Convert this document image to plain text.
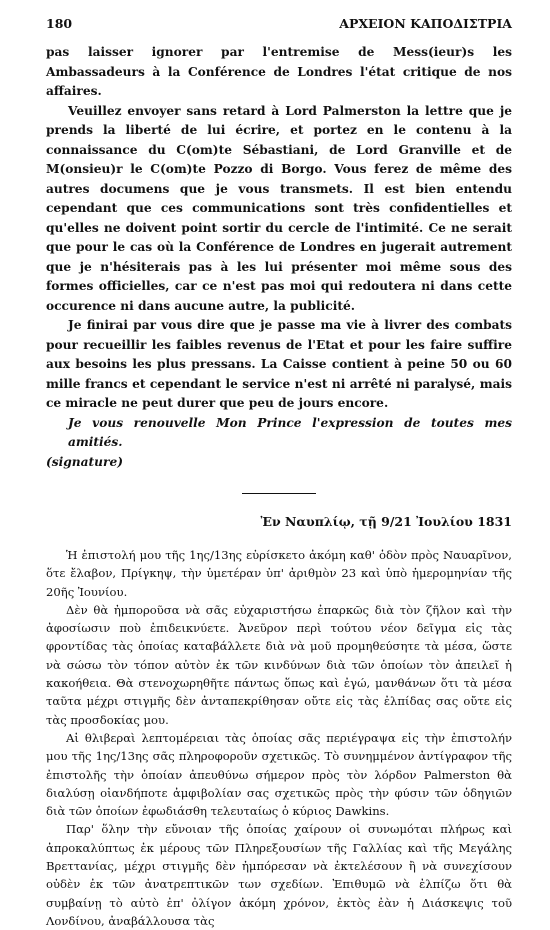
180	ΑΡΧΕΙΟΝ ΚΑΠΟΔΙΣΤΡΙΑ

pas laisser ignorer par l'entremise de Mess(ieur)s les Ambassadeurs à la Conférence de Londres l'état critique de nos affaires.

Veuillez envoyer sans retard à Lord Palmerston la lettre que je prends la liberté de lui écrire, et portez en le contenu à la connaissance du C(om)te Sébastiani, de Lord Granville et de M(onsieu)r le C(om)te Pozzo di Borgo. Vous ferez de même des autres documens que je vous transmets. Il est bien entendu cependant que ces communications sont très confidentielles et qu'elles ne doivent point sortir du cercle de l'intimité. Ce ne serait que pour le cas où la Conférence de Londres en jugerait autrement que je n'hésiterais pas à les lui présenter moi même sous des formes officielles, car ce n'est pas moi qui redoutera ni dans cette occurence ni dans aucune autre, la publicité.

Je finirai par vous dire que je passe ma vie à livrer des combats pour recueillir les faibles revenus de l'Etat et pour les faire suffire aux besoins les plus pressans. La Caisse contient à peine 50 ou 60 mille francs et cependant le service n'est ni arrêté ni paralysé, mais ce miracle ne peut durer que peu de jours encore.

Je vous renouvelle Mon Prince l'expression de toutes mes amitiés.

(signature)

Ἐν Ναυπλίῳ, τῇ 9/21 Ἰουλίου 1831

Ἡ ἐπιστολή μου τῆς 1ης/13ης εὑρίσκετο ἀκόμη καθ' ὁδὸν πρὸς Ναυαρῖνον, ὅτε ἔλαβον, Πρίγκηψ, τὴν ὑμετέραν ὑπ' ἀριθμὸν 23 καὶ ὑπὸ ἡμερομηνίαν τῆς 20ῆς Ἰουνίου.

Δὲν θὰ ἠμποροῦσα νὰ σᾶς εὐχαριστήσω ἐπαρκῶς διὰ τὸν ζῆλον καὶ τὴν ἀφοσίωσιν ποὺ ἐπιδεικνύετε. Ἀνεῦρον περὶ τούτου νέον δεῖγμα εἰς τὰς φροντίδας τὰς ὁποίας καταβάλλετε διὰ νὰ μοῦ προμηθεύσητε τὰ μέσα, ὥστε νὰ σώσω τὸν τόπον αὐτὸν ἐκ τῶν κινδύνων διὰ τῶν ὁποίων τὸν ἀπειλεῖ ἡ κακοήθεια. Θὰ στενοχωρηθῆτε πάντως ὅπως καὶ ἐγώ, μανθάνων ὅτι τὰ μέσα ταῦτα μέχρι στιγμῆς δὲν ἀνταπεκρίθησαν οὔτε εἰς τὰς ἐλπίδας σας οὔτε εἰς τὰς προσδοκίας μου.

Αἱ θλιβεραὶ λεπτομέρειαι τὰς ὁποίας σᾶς περιέγραψα εἰς τὴν ἐπιστολήν μου τῆς 1ης/13ης σᾶς πληροφοροῦν σχετικῶς. Τὸ συνημμένον ἀντίγραφον τῆς ἐπιστολῆς τὴν ὁποίαν ἀπευθύνω σήμερον πρὸς τὸν λόρδον Palmerston θὰ διαλύσῃ οἱανδήποτε ἀμφιβολίαν σας σχετικῶς πρὸς τὴν φύσιν τῶν ὁδηγιῶν διὰ τῶν ὁποίων ἐφωδιάσθη τελευταίως ὁ κύριος Dawkins.

Παρ' ὅλην τὴν εὔνοιαν τῆς ὁποίας χαίρουν οἱ συνωμόται πλήρως καὶ ἀπροκαλύπτως ἐκ μέρους τῶν Πληρεξουσίων τῆς Γαλλίας καὶ τῆς Μεγάλης Βρεττανίας, μέχρι στιγμῆς δὲν ἠμπόρεσαν νὰ ἐκτελέσουν ἢ νὰ συνεχίσουν οὐδὲν ἐκ τῶν ἀνατρεπτικῶν των σχεδίων. Ἐπιθυμῶ νὰ ἐλπίζω ὅτι θὰ συμβαίνῃ τὸ αὐτὸ ἐπ' ὀλίγον ἀκόμη χρόνον, ἐκτὸς ἐὰν ἡ Διάσκεψις τοῦ Λονδίνου, ἀναβάλλουσα τὰς
